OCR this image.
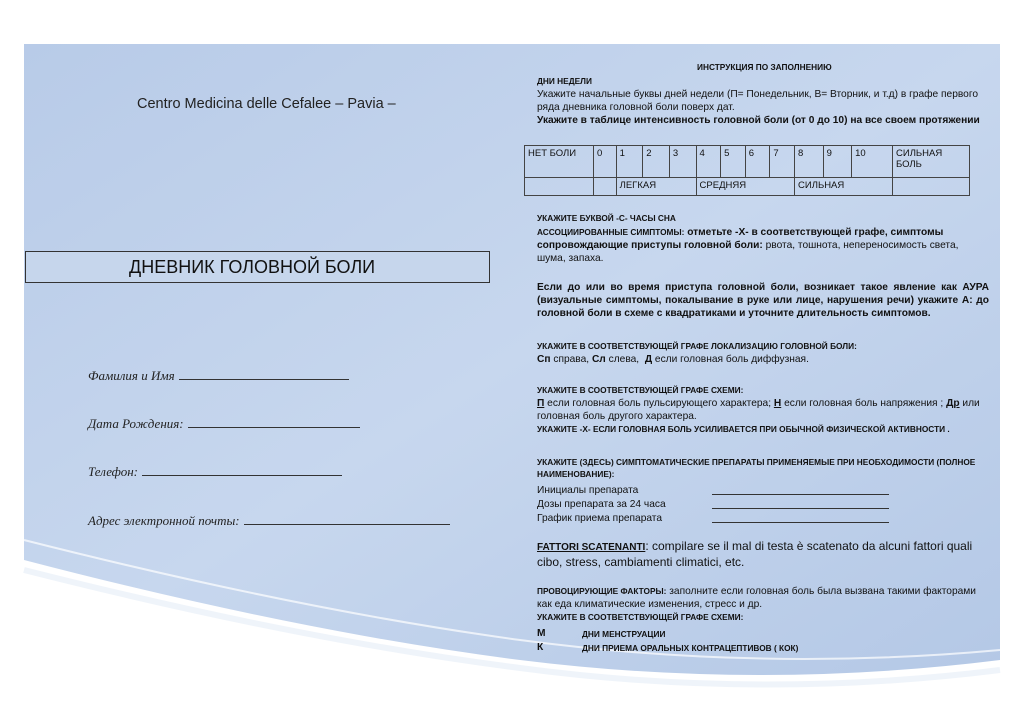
Centro Medicina delle Cefalee – Pavia –
ДНЕВНИК ГОЛОВНОЙ БОЛИ
Фамилия и Имя
Дата Рождения:
Телефон:
Адрес электронной почты:
ИНСТРУКЦИЯ ПО ЗАПОЛНЕНИЮ
ДНИ НЕДЕЛИ
Укажите начальные буквы дней недели (П= Понедельник, В= Вторник, и т.д) в графе первого ряда дневника головной боли поверх дат.
Укажите в таблице интенсивность головной боли (от 0 до 10) на все своем протяжении
НЕТ БОЛИ	0	1	2	3	4	5	6	7	8	9	10	СИЛЬНАЯ БОЛЬ
		ЛЕГКАЯ			СРЕДНЯЯ				СИЛЬНАЯ			
УКАЖИТЕ БУКВОЙ -С- ЧАСЫ СНА
АССОЦИИРОВАННЫЕ СИМПТОМЫ: отметьте -Х- в соответствующей графе, симптомы сопровождающие приступы головной боли: рвота, тошнота, непереносимость света, шума, запаха.
Если до или во время приступа головной боли, возникает такое явление как АУРА (визуальные симптомы, покалывание в руке или лице, нарушения речи) укажите А: до головной боли в схеме с квадратиками и уточните длительность симптомов.
УКАЖИТЕ В СООТВЕТСТВУЮЩЕЙ ГРАФЕ ЛОКАЛИЗАЦИЮ ГОЛОВНОЙ БОЛИ:
Сп справа, Сл слева, Д если головная боль диффузная.
УКАЖИТЕ В СООТВЕТСТВУЮЩЕЙ ГРАФЕ СХЕМИ:
П если головная боль пульсирующего характера; Н если головная боль напряжения ; Др или головная боль другого характера.
УКАЖИТЕ -Х- ЕСЛИ ГОЛОВНАЯ БОЛЬ УСИЛИВАЕТСЯ ПРИ ОБЫЧНОЙ ФИЗИЧЕСКОЙ АКТИВНОСТИ .
УКАЖИТЕ (ЗДЕСЬ) СИМПТОМАТИЧЕСКИЕ ПРЕПАРАТЫ ПРИМЕНЯЕМЫЕ ПРИ НЕОБХОДИМОСТИ (ПОЛНОЕ НАИМЕНОВАНИЕ):
Инициалы препарата
Дозы препарата за 24 часа
График приема препарата
FATTORI SCATENANTI: compilare se il mal di testa è scatenato da alcuni fattori quali cibo, stress, cambiamenti climatici, etc.
ПРОВОЦИРУЮЩИЕ ФАКТОРЫ: заполните если головная боль была вызвана такими факторами как еда климатические изменения, стресс и др.
УКАЖИТЕ В СООТВЕТСТВУЮЩЕЙ ГРАФЕ СХЕМИ:
М	ДНИ МЕНСТРУАЦИИ
К	ДНИ ПРИЕМА ОРАЛЬНЫХ КОНТРАЦЕПТИВОВ ( КОК)
